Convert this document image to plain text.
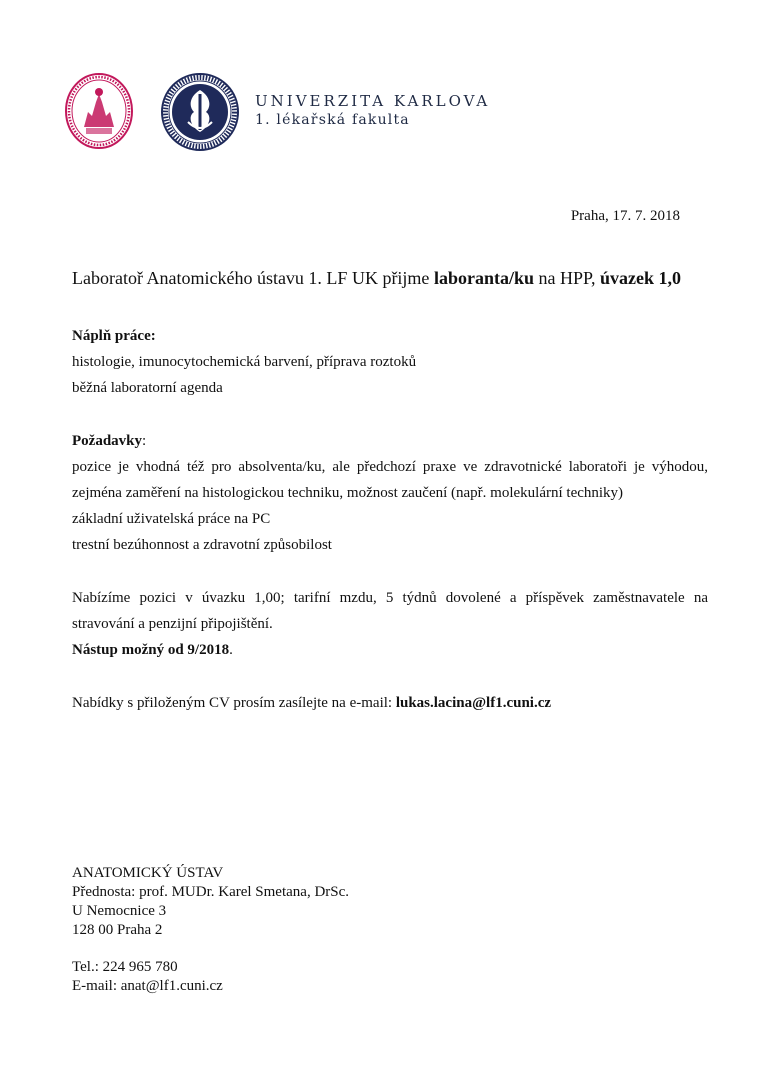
UNIVERZITA KARLOVA
1. lékařská fakulta
Praha, 17. 7. 2018
Laboratoř Anatomického ústavu 1. LF UK přijme laboranta/ku na HPP, úvazek 1,0
Náplň práce:
histologie, imunocytochemická barvení, příprava roztoků
běžná laboratorní agenda
Požadavky:
pozice je vhodná též pro absolventa/ku, ale předchozí praxe ve zdravotnické laboratoři je výhodou,
zejména zaměření na histologickou techniku, možnost zaučení (např. molekulární techniky)
základní uživatelská práce na PC
trestní bezúhonnost a zdravotní způsobilost
Nabízíme pozici v úvazku 1,00; tarifní mzdu, 5 týdnů dovolené a příspěvek zaměstnavatele na
stravování a penzijní připojištění.
Nástup možný od 9/2018.
Nabídky s přiloženým CV prosím zasílejte na e-mail: lukas.lacina@lf1.cuni.cz
ANATOMICKÝ ÚSTAV
Přednosta: prof. MUDr. Karel Smetana, DrSc.
U Nemocnice 3
128 00 Praha 2
Tel.: 224 965 780
E-mail: anat@lf1.cuni.cz
